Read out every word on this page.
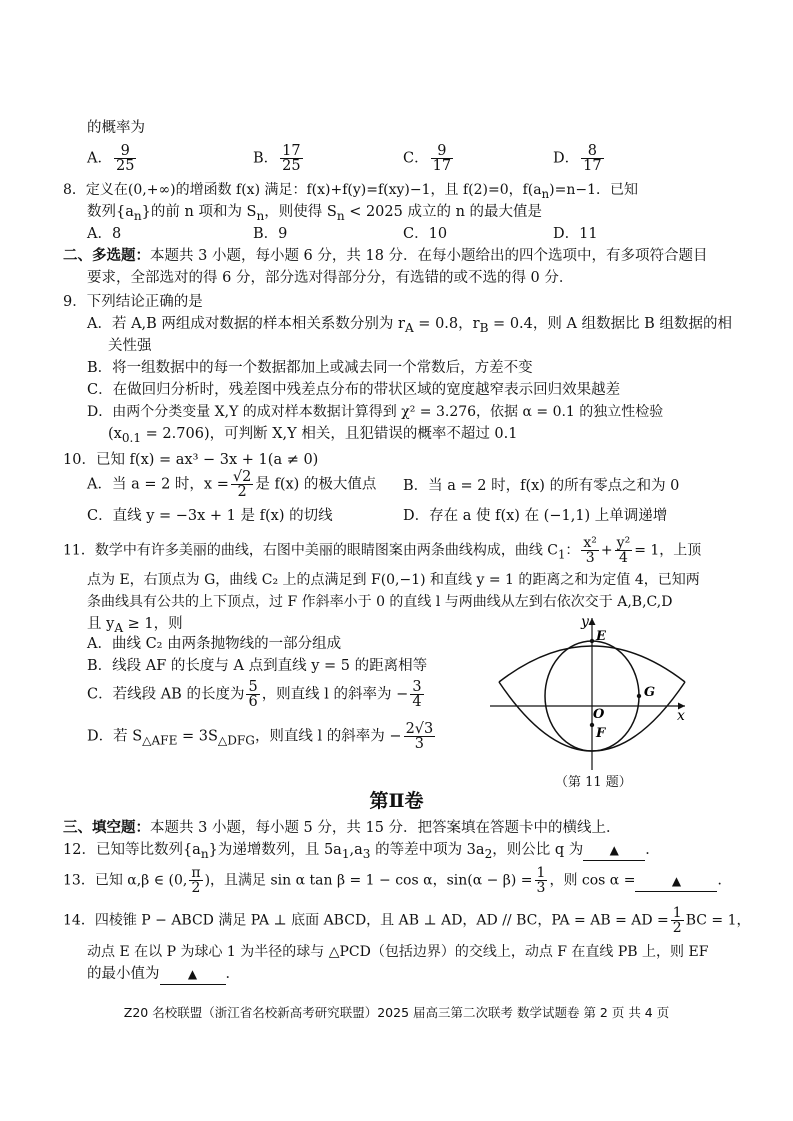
的概率为
A． $\frac{9}{25}$	B． $\frac{17}{25}$	C． $\frac{9}{17}$	D． $\frac{8}{17}$
8．定义在(0,+∞)的增函数 f(x) 满足：f(x)+f(y)=f(xy)−1，且 f(2)=0，$f(a_n)=n-1$．已知
数列$\{a_n\}$的前 n 项和为 $S_n$，则使得 $S_n < 2025$ 成立的 n 的最大值是
A．8	B．9	C．10	D．11
二、多选题：本题共 3 小题，每小题 6 分，共 18 分．在每小题给出的四个选项中，有多项符合题目
要求，全部选对的得 6 分，部分选对得部分分，有选错的或不选的得 0 分．
9．下列结论正确的是
A．若 A,B 两组成对数据的样本相关系数分别为 $r_A = 0.8$，$r_B = 0.4$，则 A 组数据比 B 组数据的相
关性强
B．将一组数据中的每一个数据都加上或减去同一个常数后，方差不变
C．在做回归分析时，残差图中残差点分布的带状区域的宽度越窄表示回归效果越差
D．由两个分类变量 X,Y 的成对样本数据计算得到 χ² = 3.276，依据 α = 0.1 的独立性检验
$(x_{0.1} = 2.706)$，可判断 X,Y 相关，且犯错误的概率不超过 0.1
10．已知 f(x) = ax³ − 3x + 1(a ≠ 0)
A．当 a = 2 时，$x = \frac{√2}{2}$ 是 f(x) 的极大值点 B．当 a = 2 时，f(x) 的所有零点之和为 0
C．直线 y = −3x + 1 是 f(x) 的切线	D．存在 a 使 f(x) 在 (−1,1) 上单调递增
11．数学中有许多美丽的曲线，右图中美丽的眼睛图案由两条曲线构成，曲线 $C_1$： $\frac{\text{x²}}{3} + \frac{\text{y²}}{4} = 1$，上顶
点为 E，右顶点为 G，曲线 C₂ 上的点满足到 F(0,−1) 和直线 y = 1 的距离之和为定值 4，已知两
条曲线具有公共的上下顶点，过 F 作斜率小于 0 的直线 l 与两曲线从左到右依次交于 A,B,C,D
且 $y_A \ge 1$，则
A．曲线 C₂ 由两条抛物线的一部分组成
B．线段 AF 的长度与 A 点到直线 y = 5 的距离相等
C．若线段 AB 的长度为 $\frac{5}{6}$ ，则直线 l 的斜率为 − $\frac{3}{4}$
D．若 $S_{\triangle AFE} = 3S_{\triangle DFG}$，则直线 l 的斜率为 − $\frac{2√3}{3}$
y
x
E
G
O
F
（第 11 题）
第Ⅱ卷
三、填空题：本题共 3 小题，每小题 5 分，共 15 分．把答案填在答题卡中的横线上．
12．已知等比数列$\{a_n\}$为递增数列，且 $5a_1,a_3$ 的等差中项为 $3a_2$，则公比 q 为 ▲ ．
13．已知 α,β ∈ (0, $\frac{\pi}{2}$ )，且满足 sin α tan β = 1 − cos α，$\sin(\alpha - \beta) = \frac{1}{3}$ ，则 cos α =	▲	．
14．四棱锥 P − ABCD 满足 PA ⊥ 底面 ABCD，且 AB ⊥ AD，AD // BC，PA = AB = AD = $\frac{1}{2}$ BC = 1，
动点 E 在以 P 为球心 1 为半径的球与 △PCD（包括边界）的交线上，动点 F 在直线 PB 上，则 EF
的最小值为 ▲ ．
Z20 名校联盟（浙江省名校新高考研究联盟）2025 届高三第二次联考 数学试题卷 第 2 页 共 4 页
